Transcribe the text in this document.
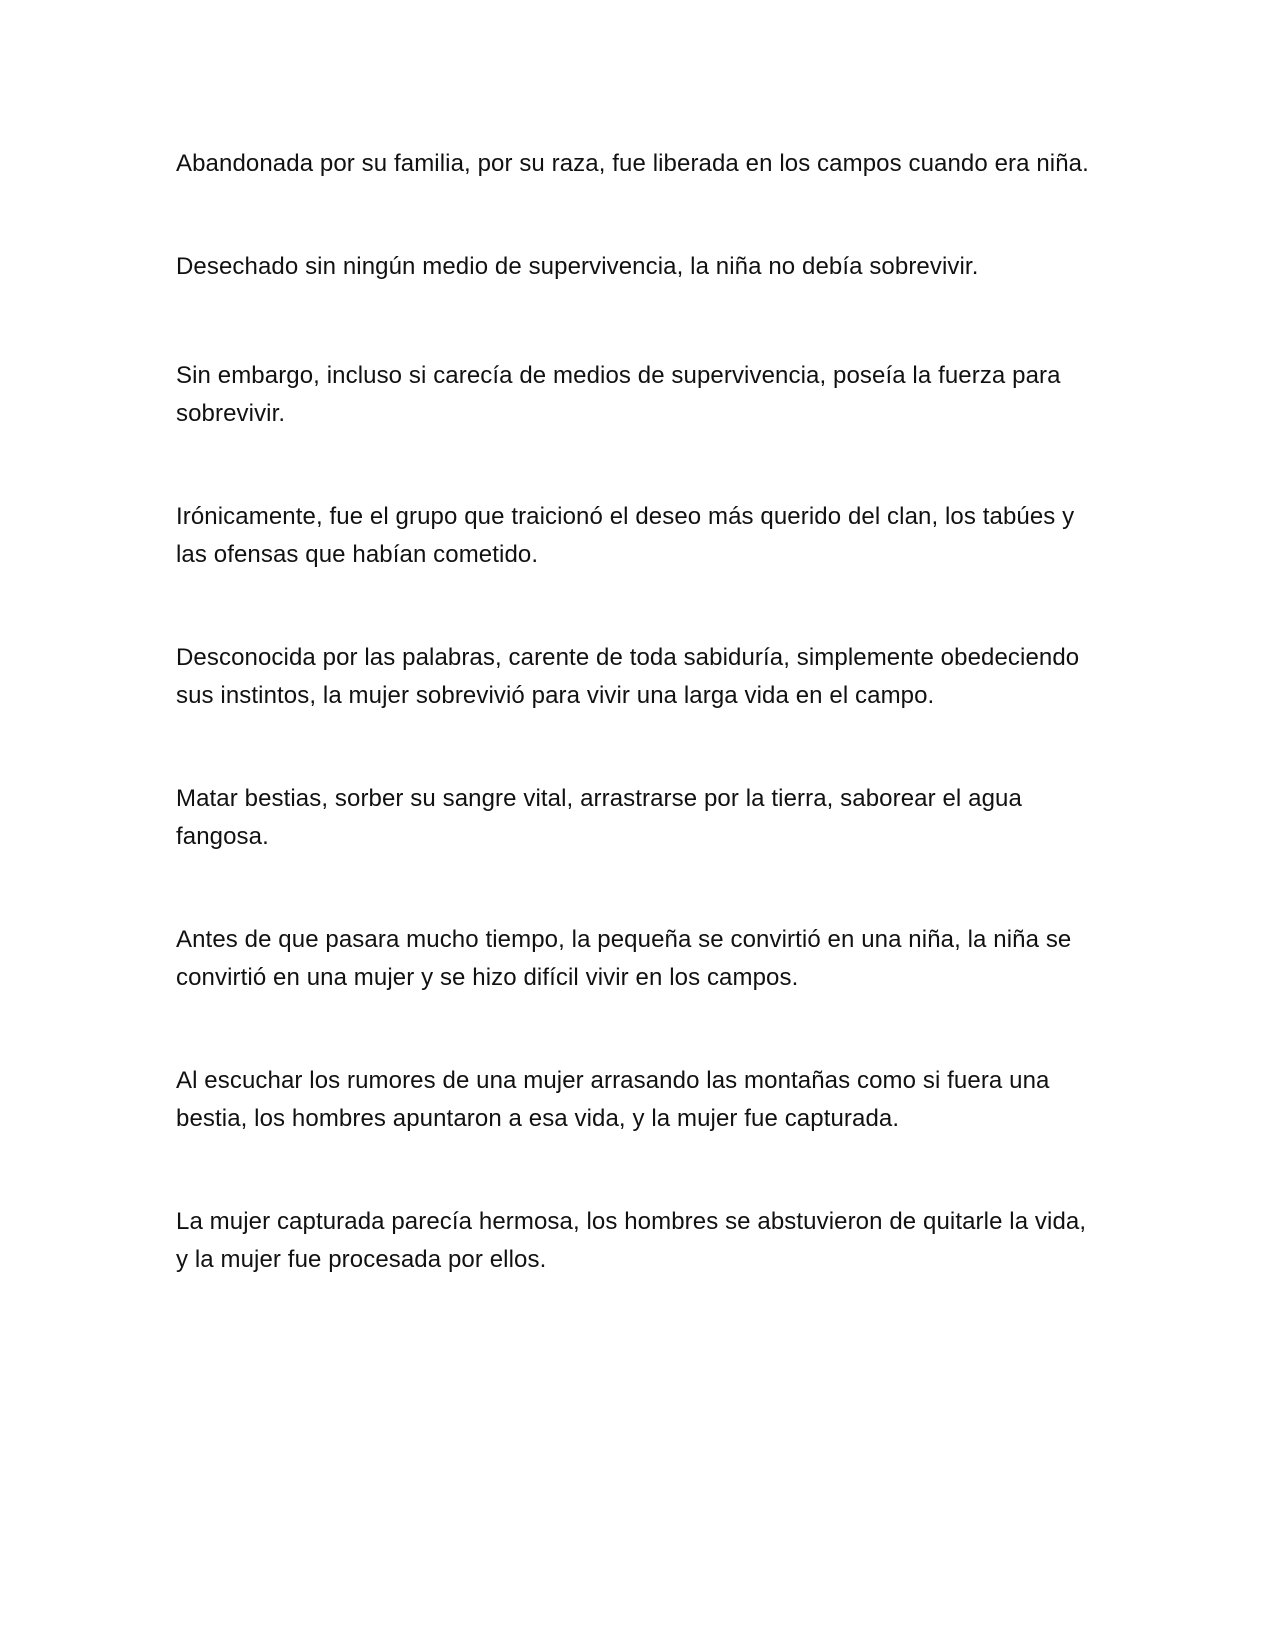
Abandonada por su familia, por su raza, fue liberada en los campos cuando era niña.

Desechado sin ningún medio de supervivencia, la niña no debía sobrevivir.

Sin embargo, incluso si carecía de medios de supervivencia, poseía la fuerza para sobrevivir.

Irónicamente, fue el grupo que traicionó el deseo más querido del clan, los tabúes y las ofensas que habían cometido.

Desconocida por las palabras, carente de toda sabiduría, simplemente obedeciendo sus instintos, la mujer sobrevivió para vivir una larga vida en el campo.

Matar bestias, sorber su sangre vital, arrastrarse por la tierra, saborear el agua fangosa.

Antes de que pasara mucho tiempo, la pequeña se convirtió en una niña, la niña se convirtió en una mujer y se hizo difícil vivir en los campos.

Al escuchar los rumores de una mujer arrasando las montañas como si fuera una bestia, los hombres apuntaron a esa vida, y la mujer fue capturada.

La mujer capturada parecía hermosa, los hombres se abstuvieron de quitarle la vida, y la mujer fue procesada por ellos.
